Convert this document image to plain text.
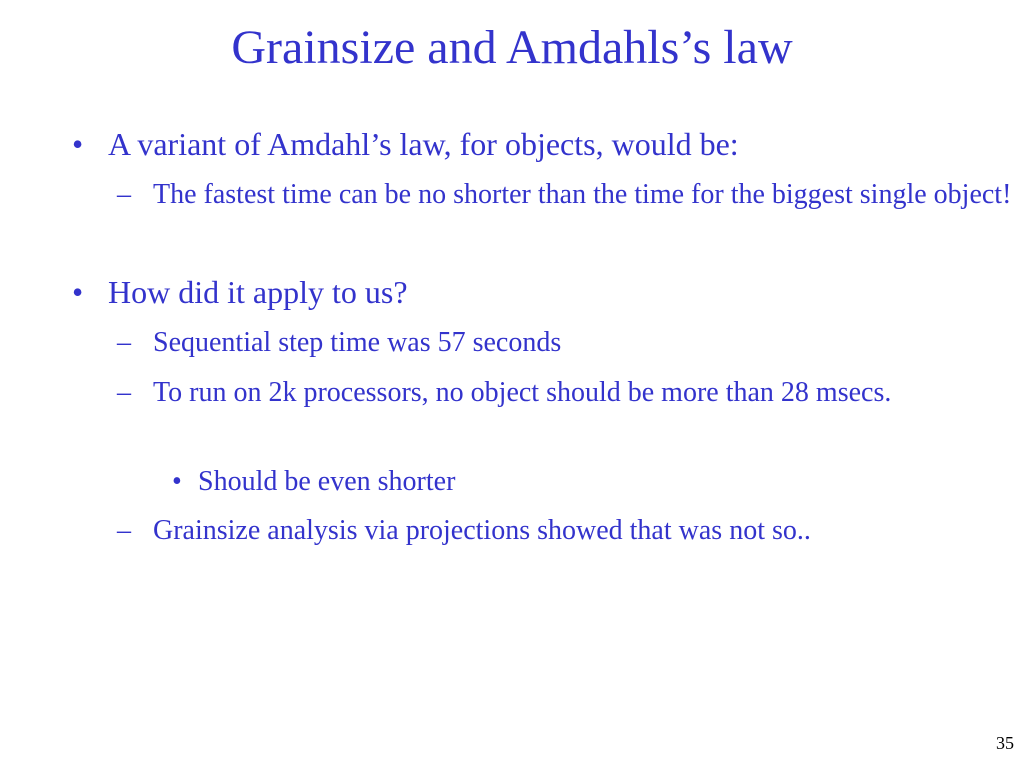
Grainsize and Amdahls’s law
• A variant of Amdahl’s law, for objects, would be:
– The fastest time can be no shorter than the time for the biggest single object!
• How did it apply to us?
– Sequential step time was 57 seconds
– To run on 2k processors, no object should be more than 28 msecs.
• Should be even shorter
– Grainsize analysis via projections showed that was not so..
35
